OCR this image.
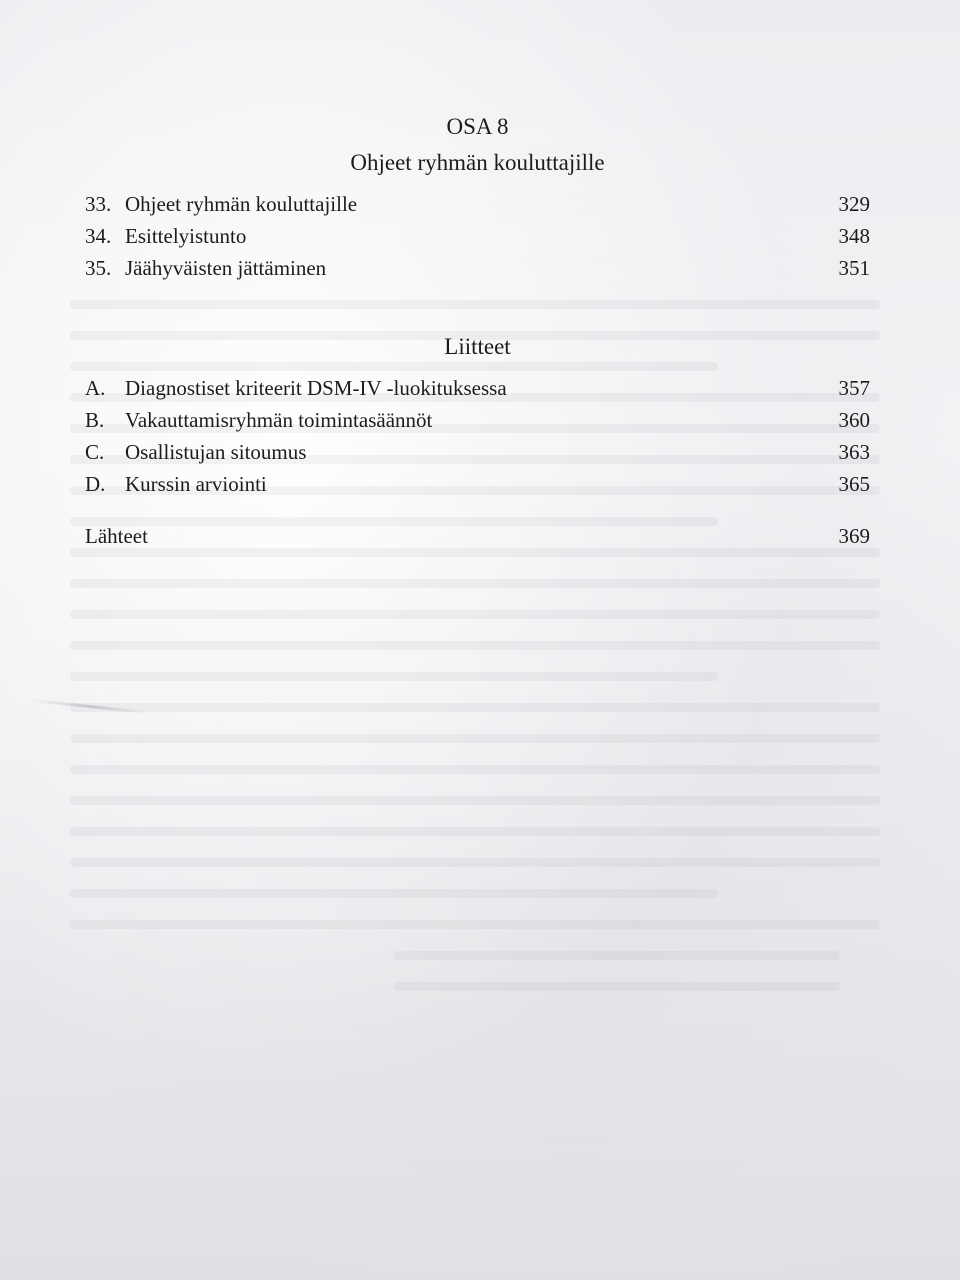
OSA 8
Ohjeet ryhmän kouluttajille
33. Ohjeet ryhmän kouluttajille	329
34. Esittelyistunto	348
35. Jäähyväisten jättäminen	351
Liitteet
A. Diagnostiset kriteerit DSM-IV -luokituksessa	357
B. Vakauttamisryhmän toimintasäännöt	360
C. Osallistujan sitoumus	363
D. Kurssin arviointi	365
Lähteet	369
